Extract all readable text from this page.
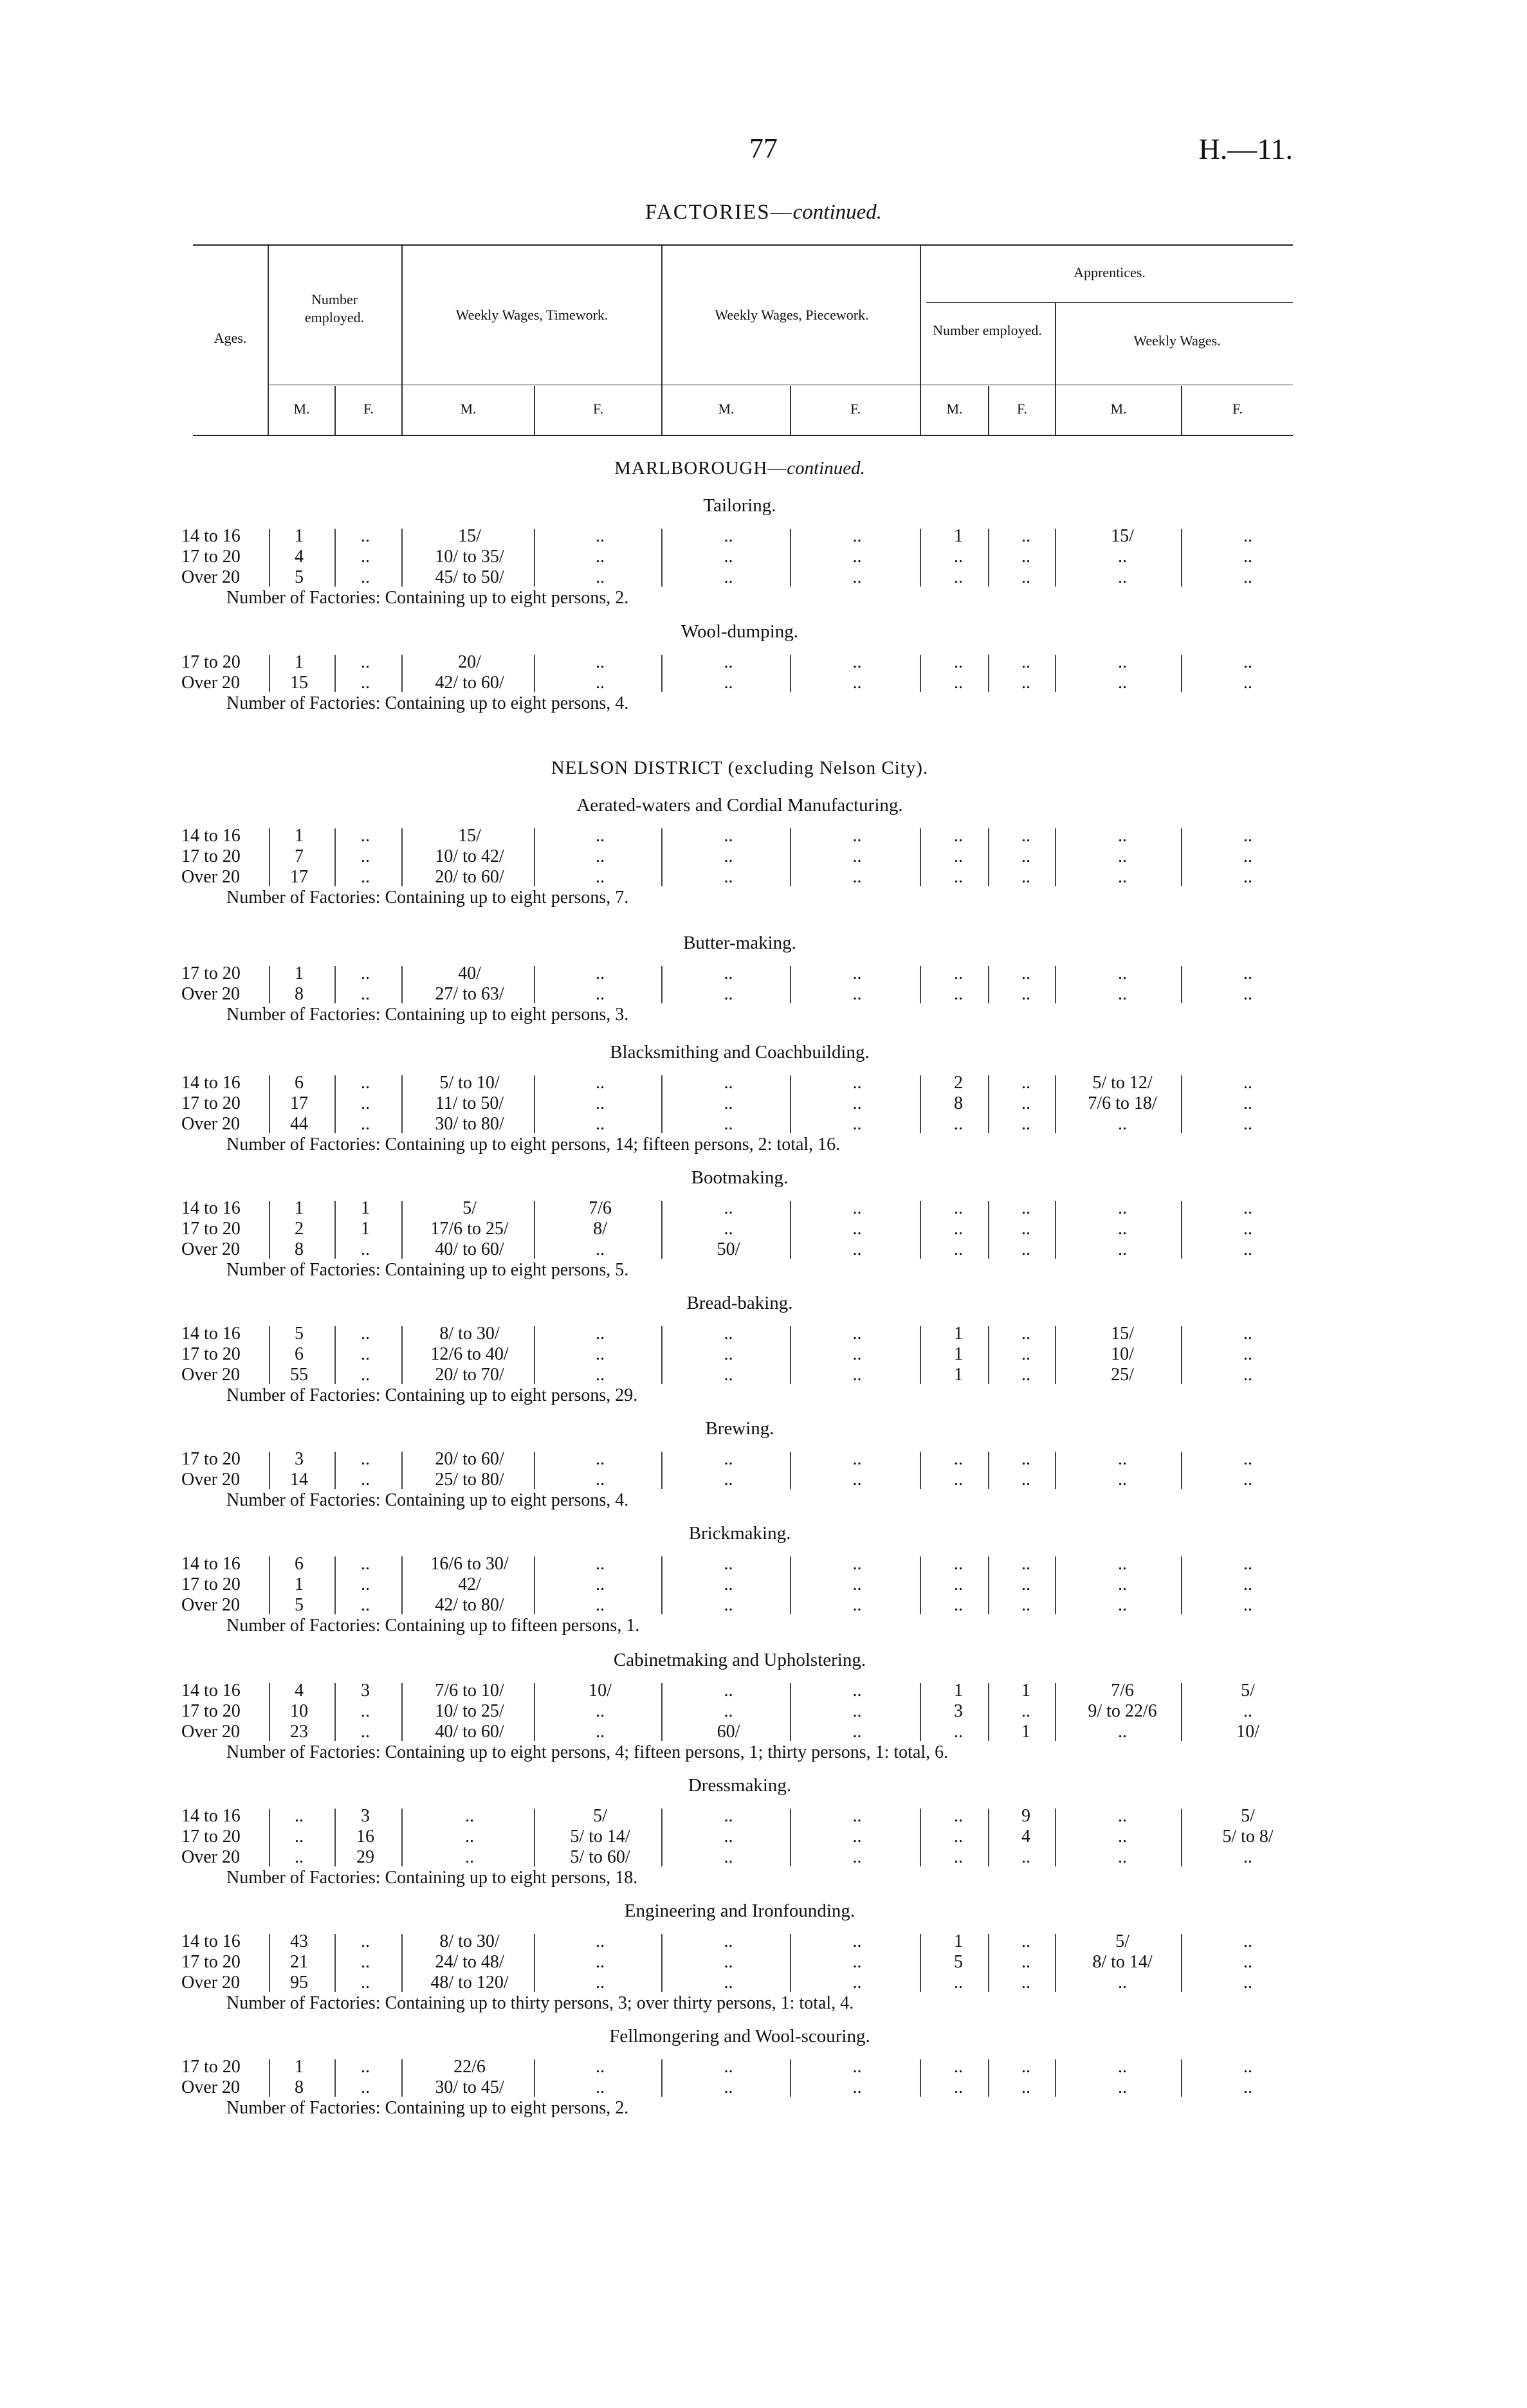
77	H.—11.
FACTORIES—continued.
Ages.
Number employed.	Weekly Wages, Timework.	Weekly Wages, Piecework.
Apprentices.
Number employed.
Weekly Wages.
M.	F.	M.	F.	M.	F.	M.	F.	M.	F.
MARLBOROUGH—continued.
NELSON DISTRICT (excluding Nelson City).
Tailoring.
14 to 16	1	..	15/	..	..	..	1	..	15/	..
17 to 20	4	..	10/ to 35/	..	..	..	..	..	..	..
Over 20	5	..	45/ to 50/	..	..	..	..	..	..	..
Number of Factories: Containing up to eight persons, 2.
Wool-dumping.
17 to 20	1	..	20/	..	..	..	..	..	..	..
Over 20	15	..	42/ to 60/	..	..	..	..	..	..	..
Number of Factories: Containing up to eight persons, 4.
Aerated-waters and Cordial Manufacturing.
14 to 16	1	..	15/	..	..	..	..	..	..	..
17 to 20	7	..	10/ to 42/	..	..	..	..	..	..	..
Over 20	17	..	20/ to 60/	..	..	..	..	..	..	..
Number of Factories: Containing up to eight persons, 7.
Butter-making.
17 to 20	1	..	40/	..	..	..	..	..	..	..
Over 20	8	..	27/ to 63/	..	..	..	..	..	..	..
Number of Factories: Containing up to eight persons, 3.
Blacksmithing and Coachbuilding.
14 to 16	6	..	5/ to 10/	..	..	..	2	..	5/ to 12/	..
17 to 20	17	..	11/ to 50/	..	..	..	8	..	7/6 to 18/	..
Over 20	44	..	30/ to 80/	..	..	..	..	..	..	..
Number of Factories: Containing up to eight persons, 14; fifteen persons, 2: total, 16.
Bootmaking.
14 to 16	1	1	5/	7/6	..	..	..	..	..	..
17 to 20	2	1	17/6 to 25/	8/	..	..	..	..	..	..
Over 20	8	..	40/ to 60/	..	50/	..	..	..	..	..
Number of Factories: Containing up to eight persons, 5.
Bread-baking.
14 to 16	5	..	8/ to 30/	..	..	..	1	..	15/	..
17 to 20	6	..	12/6 to 40/	..	..	..	1	..	10/	..
Over 20	55	..	20/ to 70/	..	..	..	1	..	25/	..
Number of Factories: Containing up to eight persons, 29.
Brewing.
17 to 20	3	..	20/ to 60/	..	..	..	..	..	..	..
Over 20	14	..	25/ to 80/	..	..	..	..	..	..	..
Number of Factories: Containing up to eight persons, 4.
Brickmaking.
14 to 16	6	..	16/6 to 30/	..	..	..	..	..	..	..
17 to 20	1	..	42/	..	..	..	..	..	..	..
Over 20	5	..	42/ to 80/	..	..	..	..	..	..	..
Number of Factories: Containing up to fifteen persons, 1.
Cabinetmaking and Upholstering.
14 to 16	4	3	7/6 to 10/	10/	..	..	1	1	7/6	5/
17 to 20	10	..	10/ to 25/	..	..	..	3	..	9/ to 22/6	..
Over 20	23	..	40/ to 60/	..	60/	..	..	1	..	10/
Number of Factories: Containing up to eight persons, 4; fifteen persons, 1; thirty persons, 1: total, 6.
Dressmaking.
14 to 16	..	3	..	5/	..	..	..	9	..	5/
17 to 20	..	16	..	5/ to 14/	..	..	..	4	..	5/ to 8/
Over 20	..	29	..	5/ to 60/	..	..	..	..	..	..
Number of Factories: Containing up to eight persons, 18.
Engineering and Ironfounding.
14 to 16	43	..	8/ to 30/	..	..	..	1	..	5/	..
17 to 20	21	..	24/ to 48/	..	..	..	5	..	8/ to 14/	..
Over 20	95	..	48/ to 120/	..	..	..	..	..	..	..
Number of Factories: Containing up to thirty persons, 3; over thirty persons, 1: total, 4.
Fellmongering and Wool-scouring.
17 to 20	1	..	22/6	..	..	..	..	..	..	..
Over 20	8	..	30/ to 45/	..	..	..	..	..	..	..
Number of Factories: Containing up to eight persons, 2.
